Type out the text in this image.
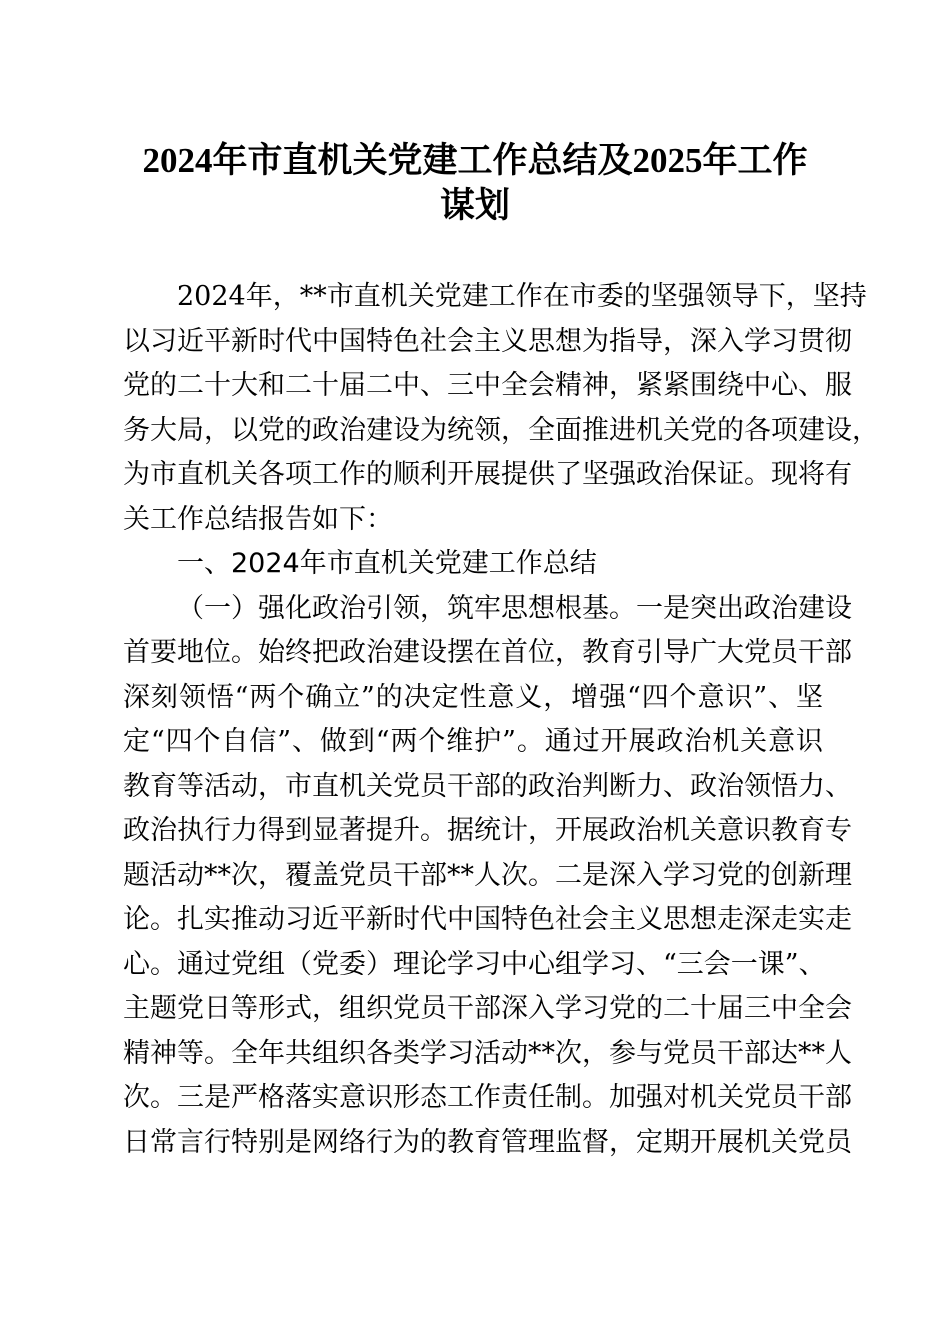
2024年市直机关党建工作总结及2025年工作
谋划
2024年，**市直机关党建工作在市委的坚强领导下，坚持
以习近平新时代中国特色社会主义思想为指导，深入学习贯彻
党的二十大和二十届二中、三中全会精神，紧紧围绕中心、服
务大局，以党的政治建设为统领，全面推进机关党的各项建设，
为市直机关各项工作的顺利开展提供了坚强政治保证。现将有
关工作总结报告如下：
一、2024年市直机关党建工作总结
（一）强化政治引领，筑牢思想根基。一是突出政治建设
首要地位。始终把政治建设摆在首位，教育引导广大党员干部
深刻领悟“两个确立”的决定性意义，增强“四个意识”、坚
定“四个自信”、做到“两个维护”。通过开展政治机关意识
教育等活动，市直机关党员干部的政治判断力、政治领悟力、
政治执行力得到显著提升。据统计，开展政治机关意识教育专
题活动**次，覆盖党员干部**人次。二是深入学习党的创新理
论。扎实推动习近平新时代中国特色社会主义思想走深走实走
心。通过党组（党委）理论学习中心组学习、“三会一课”、
主题党日等形式，组织党员干部深入学习党的二十届三中全会
精神等。全年共组织各类学习活动**次，参与党员干部达**人
次。三是严格落实意识形态工作责任制。加强对机关党员干部
日常言行特别是网络行为的教育管理监督，定期开展机关党员
